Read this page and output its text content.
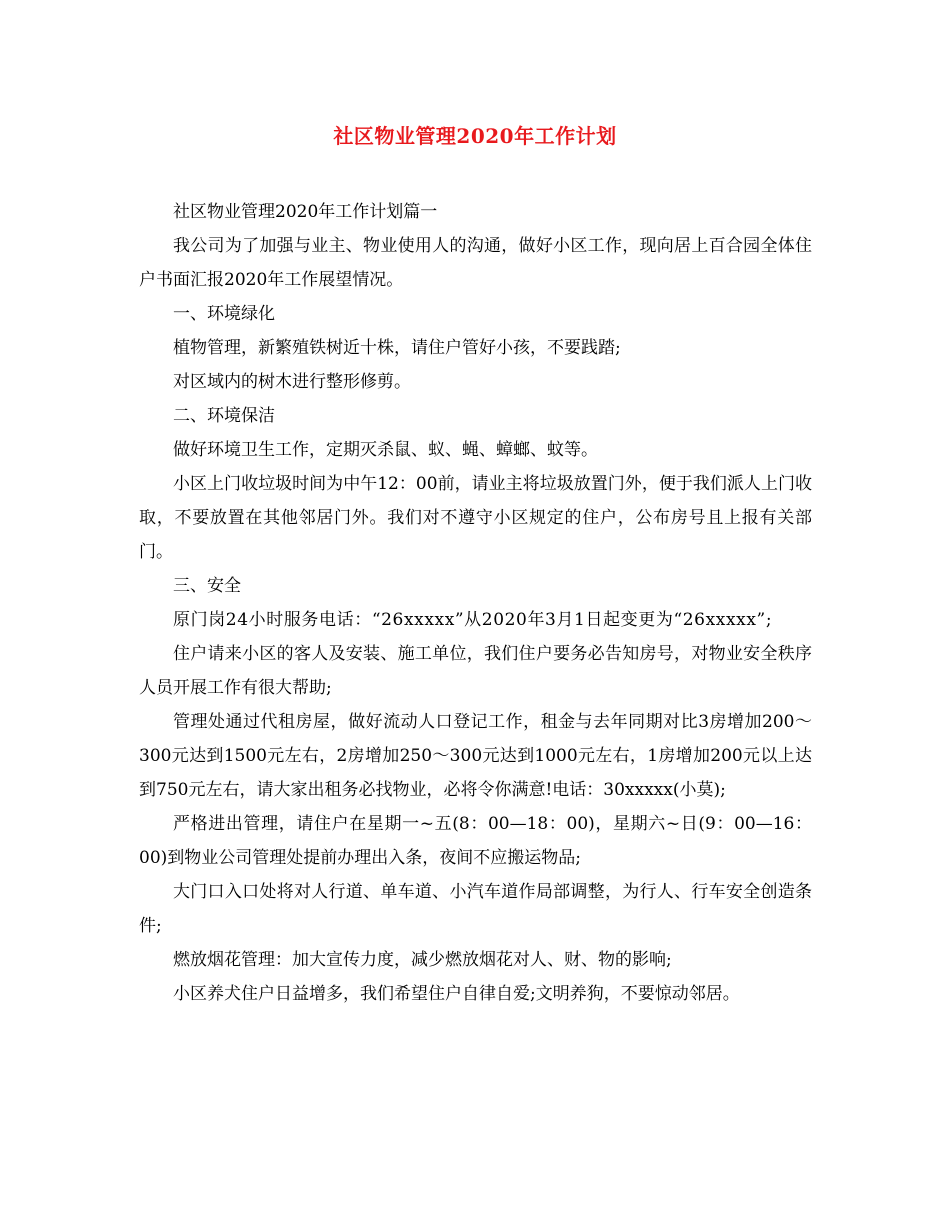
社区物业管理2020年工作计划

社区物业管理2020年工作计划篇一

我公司为了加强与业主、物业使用人的沟通，做好小区工作，现向居上百合园全体住户书面汇报2020年工作展望情况。

一、环境绿化

植物管理，新繁殖铁树近十株，请住户管好小孩，不要践踏;

对区域内的树木进行整形修剪。

二、环境保洁

做好环境卫生工作，定期灭杀鼠、蚁、蝇、蟑螂、蚊等。

小区上门收垃圾时间为中午12：00前，请业主将垃圾放置门外，便于我们派人上门收取，不要放置在其他邻居门外。我们对不遵守小区规定的住户，公布房号且上报有关部门。

三、安全

原门岗24小时服务电话：“26xxxxx”从2020年3月1日起变更为“26xxxxx”;

住户请来小区的客人及安装、施工单位，我们住户要务必告知房号，对物业安全秩序人员开展工作有很大帮助;

管理处通过代租房屋，做好流动人口登记工作，租金与去年同期对比3房增加200～300元达到1500元左右，2房增加250～300元达到1000元左右，1房增加200元以上达到750元左右，请大家出租务必找物业，必将令你满意!电话：30xxxxx(小莫);

严格进出管理，请住户在星期一~五(8：00—18：00)，星期六~日(9：00—16：00)到物业公司管理处提前办理出入条，夜间不应搬运物品;

大门口入口处将对人行道、单车道、小汽车道作局部调整，为行人、行车安全创造条件;

燃放烟花管理：加大宣传力度，减少燃放烟花对人、财、物的影响;

小区养犬住户日益增多，我们希望住户自律自爱;文明养狗，不要惊动邻居。
